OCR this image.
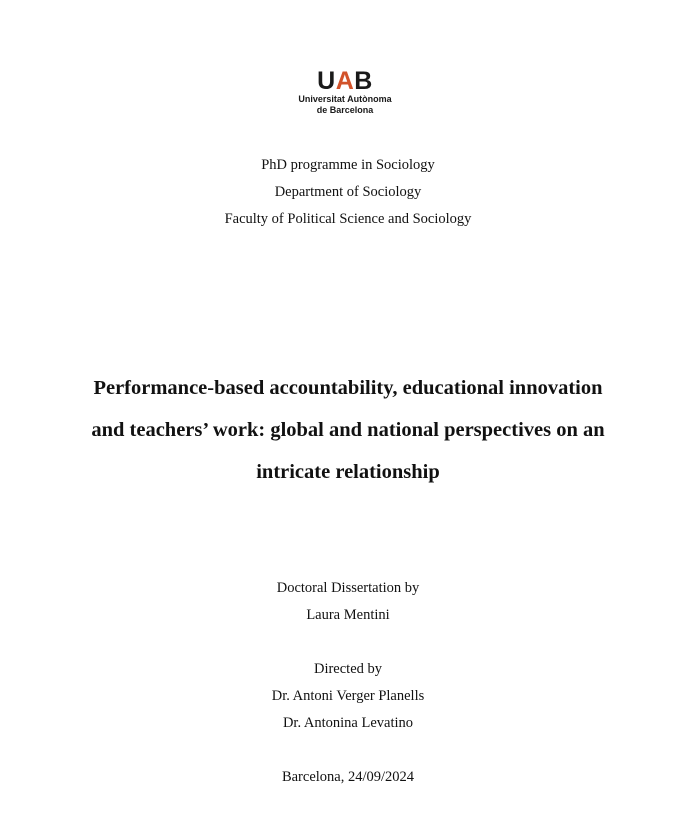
UAB
Universitat Autònoma
de Barcelona
PhD programme in Sociology
Department of Sociology
Faculty of Political Science and Sociology
Performance-based accountability, educational innovation
and teachers’ work: global and national perspectives on an
intricate relationship
Doctoral Dissertation by
Laura Mentini
Directed by
Dr. Antoni Verger Planells
Dr. Antonina Levatino
Barcelona, 24/09/2024
